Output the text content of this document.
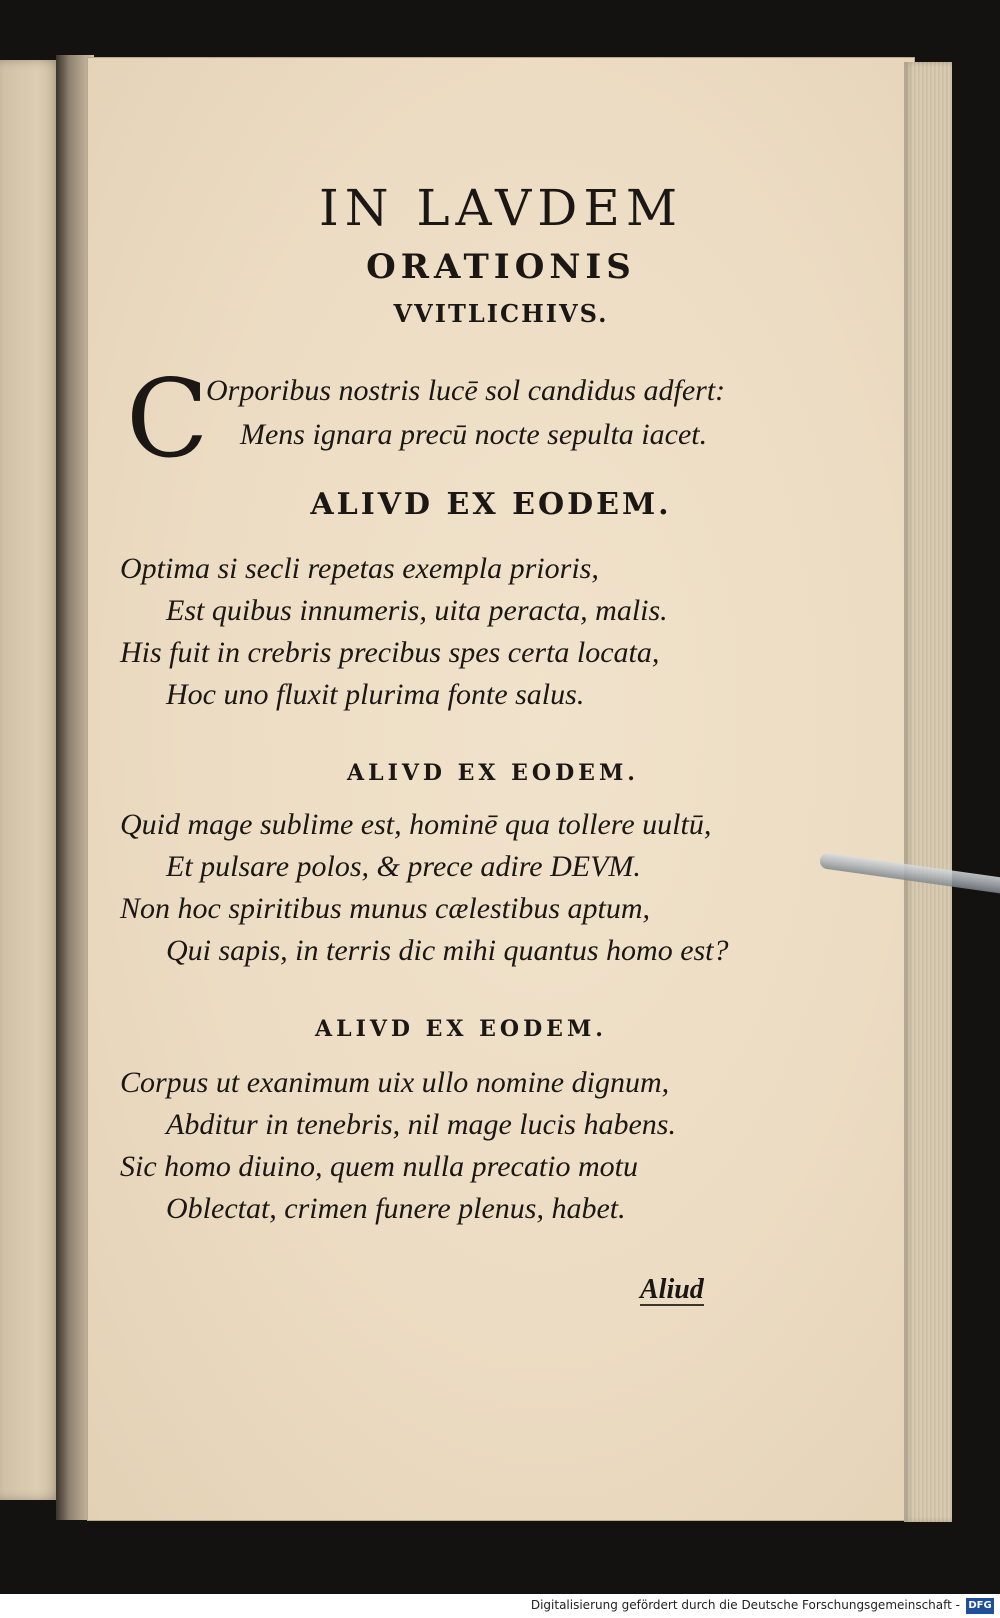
IN LAVDEM
ORATIONIS
VVITLICHIVS.
C
Orporibus nostris lucē sol candidus adfert:
Mens ignara precū nocte sepulta iacet.
ALIVD EX EODEM.
Optima si secli repetas exempla prioris,
Est quibus innumeris, uita peracta, malis.
His fuit in crebris precibus spes certa locata,
Hoc uno fluxit plurima fonte salus.
ALIVD EX EODEM.
Quid mage sublime est, hominē qua tollere uultū,
Et pulsare polos, & prece adire DEVM.
Non hoc spiritibus munus cælestibus aptum,
Qui sapis, in terris dic mihi quantus homo est?
ALIVD EX EODEM.
Corpus ut exanimum uix ullo nomine dignum,
Abditur in tenebris, nil mage lucis habens.
Sic homo diuino, quem nulla precatio motu
Oblectat, crimen funere plenus, habet.
Aliud
Digitalisierung gefördert durch die Deutsche Forschungsgemeinschaft - DFG
